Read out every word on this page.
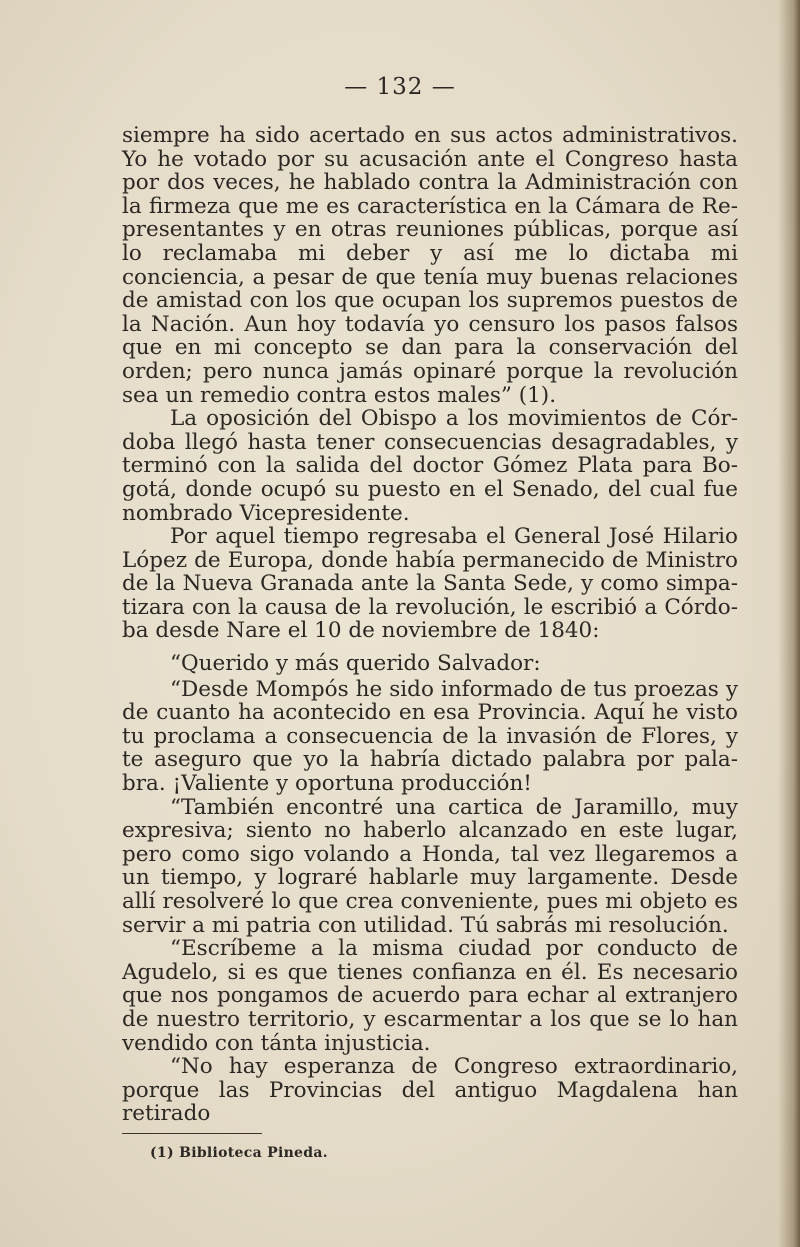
— 132 —

siempre ha sido acertado en sus actos administrativos. Yo he votado por su acusación ante el Congreso hasta por dos veces, he hablado contra la Administración con la firmeza que me es característica en la Cámara de Representantes y en otras reuniones públicas, porque así lo reclamaba mi deber y así me lo dictaba mi conciencia, a pesar de que tenía muy buenas relaciones de amistad con los que ocupan los supremos puestos de la Nación. Aun hoy todavía yo censuro los pasos falsos que en mi concepto se dan para la conservación del orden; pero nunca jamás opinaré porque la revolución sea un remedio contra estos males” (1).

La oposición del Obispo a los movimientos de Córdoba llegó hasta tener consecuencias desagradables, y terminó con la salida del doctor Gómez Plata para Bogotá, donde ocupó su puesto en el Senado, del cual fue nombrado Vicepresidente.

Por aquel tiempo regresaba el General José Hilario López de Europa, donde había permanecido de Ministro de la Nueva Granada ante la Santa Sede, y como simpatizara con la causa de la revolución, le escribió a Córdoba desde Nare el 10 de noviembre de 1840:

“Querido y más querido Salvador:

“Desde Mompós he sido informado de tus proezas y de cuanto ha acontecido en esa Provincia. Aquí he visto tu proclama a consecuencia de la invasión de Flores, y te aseguro que yo la habría dictado palabra por palabra. ¡Valiente y oportuna producción!

“También encontré una cartica de Jaramillo, muy expresiva; siento no haberlo alcanzado en este lugar, pero como sigo volando a Honda, tal vez llegaremos a un tiempo, y lograré hablarle muy largamente. Desde allí resolveré lo que crea conveniente, pues mi objeto es servir a mi patria con utilidad. Tú sabrás mi resolución.

“Escríbeme a la misma ciudad por conducto de Agudelo, si es que tienes confianza en él. Es necesario que nos pongamos de acuerdo para echar al extranjero de nuestro territorio, y escarmentar a los que se lo han vendido con tánta injusticia.

“No hay esperanza de Congreso extraordinario, porque las Provincias del antiguo Magdalena han retirado

(1) Biblioteca Pineda.
